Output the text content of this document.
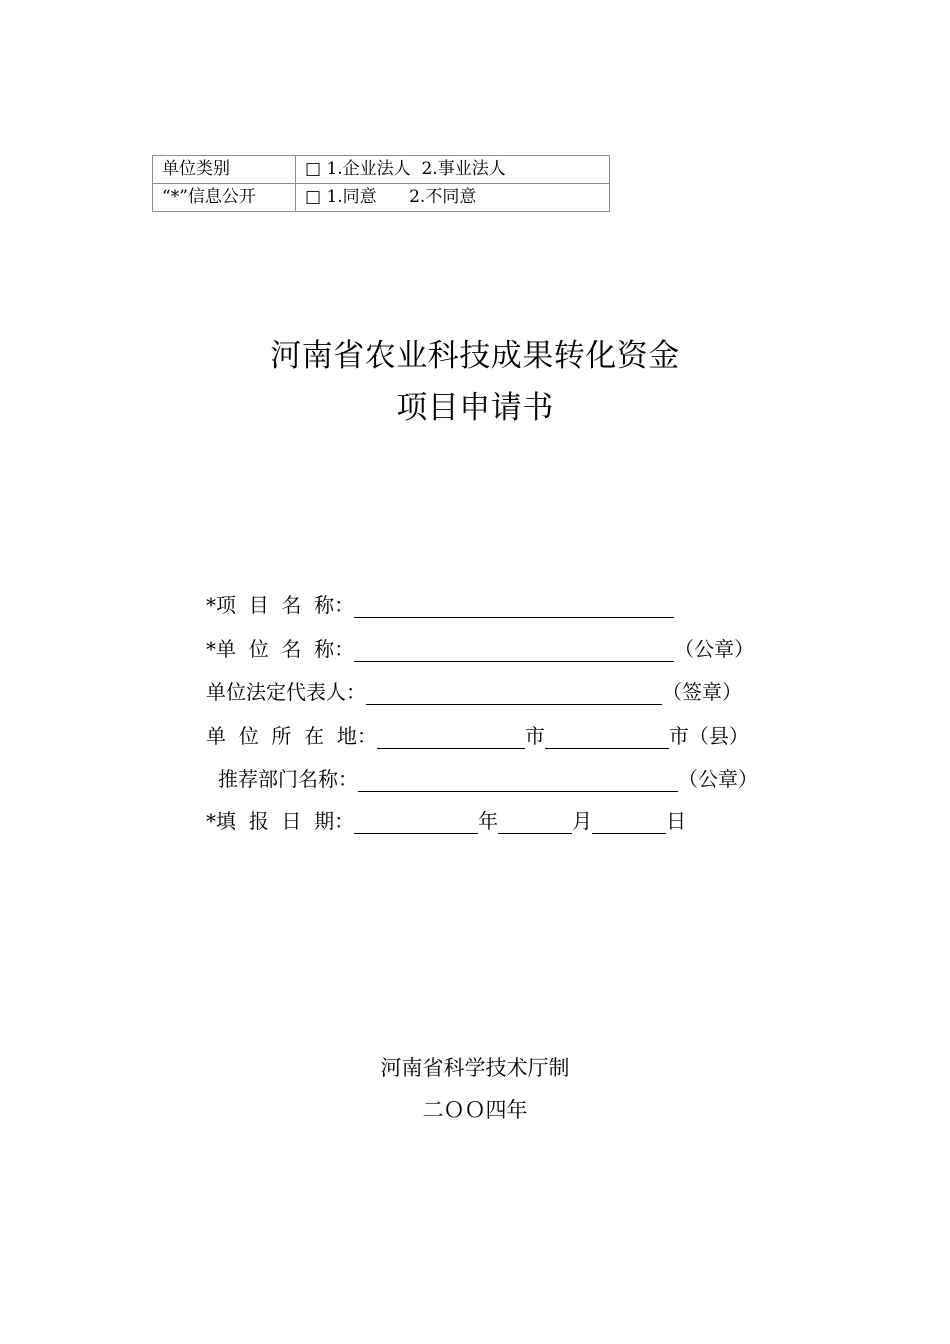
单位类别	□ 1.企业法人  2.事业法人
“*”信息公开	□ 1.同意      2.不同意
河南省农业科技成果转化资金
项目申请书
*项  目  名  称：
*单  位  名  称：	（公章）
单位法定代表人：	（签章）
单  位  所  在  地：	市	市（县）
推荐部门名称：	（公章）
*填  报  日  期：	年	月	日
河南省科学技术厅制
二ＯＯ四年
